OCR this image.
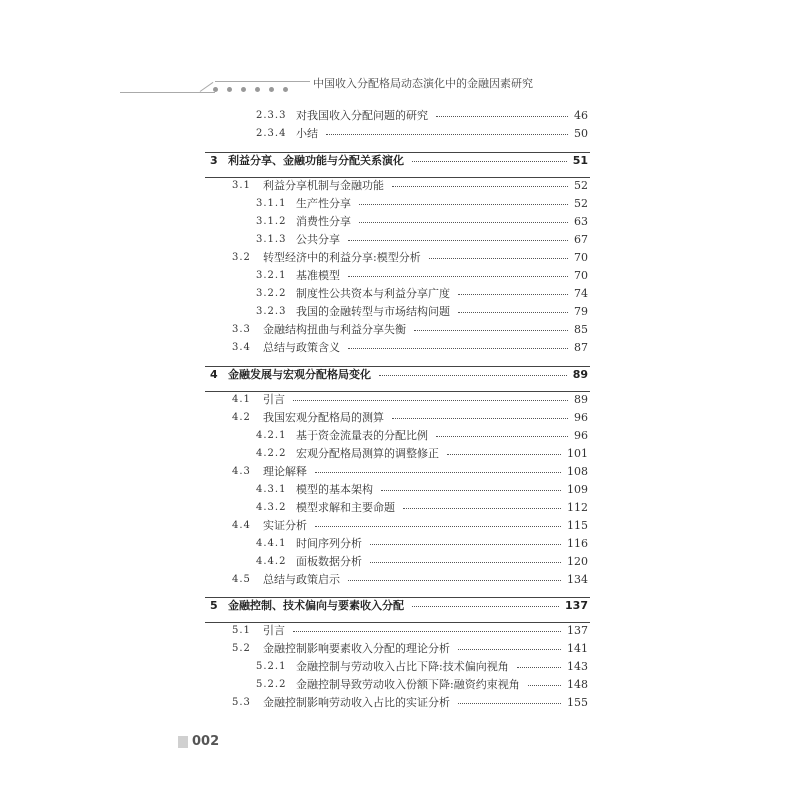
中国收入分配格局动态演化中的金融因素研究
2.3.3 对我国收入分配问题的研究	46
2.3.4 小结	50
3 利益分享、金融功能与分配关系演化	51
3.1 利益分享机制与金融功能	52
3.1.1 生产性分享	52
3.1.2 消费性分享	63
3.1.3 公共分享	67
3.2 转型经济中的利益分享:模型分析	70
3.2.1 基准模型	70
3.2.2 制度性公共资本与利益分享广度	74
3.2.3 我国的金融转型与市场结构问题	79
3.3 金融结构扭曲与利益分享失衡	85
3.4 总结与政策含义	87
4 金融发展与宏观分配格局变化	89
4.1 引言	89
4.2 我国宏观分配格局的测算	96
4.2.1 基于资金流量表的分配比例	96
4.2.2 宏观分配格局测算的调整修正	101
4.3 理论解释	108
4.3.1 模型的基本架构	109
4.3.2 模型求解和主要命题	112
4.4 实证分析	115
4.4.1 时间序列分析	116
4.4.2 面板数据分析	120
4.5 总结与政策启示	134
5 金融控制、技术偏向与要素收入分配	137
5.1 引言	137
5.2 金融控制影响要素收入分配的理论分析	141
5.2.1 金融控制与劳动收入占比下降:技术偏向视角	143
5.2.2 金融控制导致劳动收入份额下降:融资约束视角	148
5.3 金融控制影响劳动收入占比的实证分析	155
002
